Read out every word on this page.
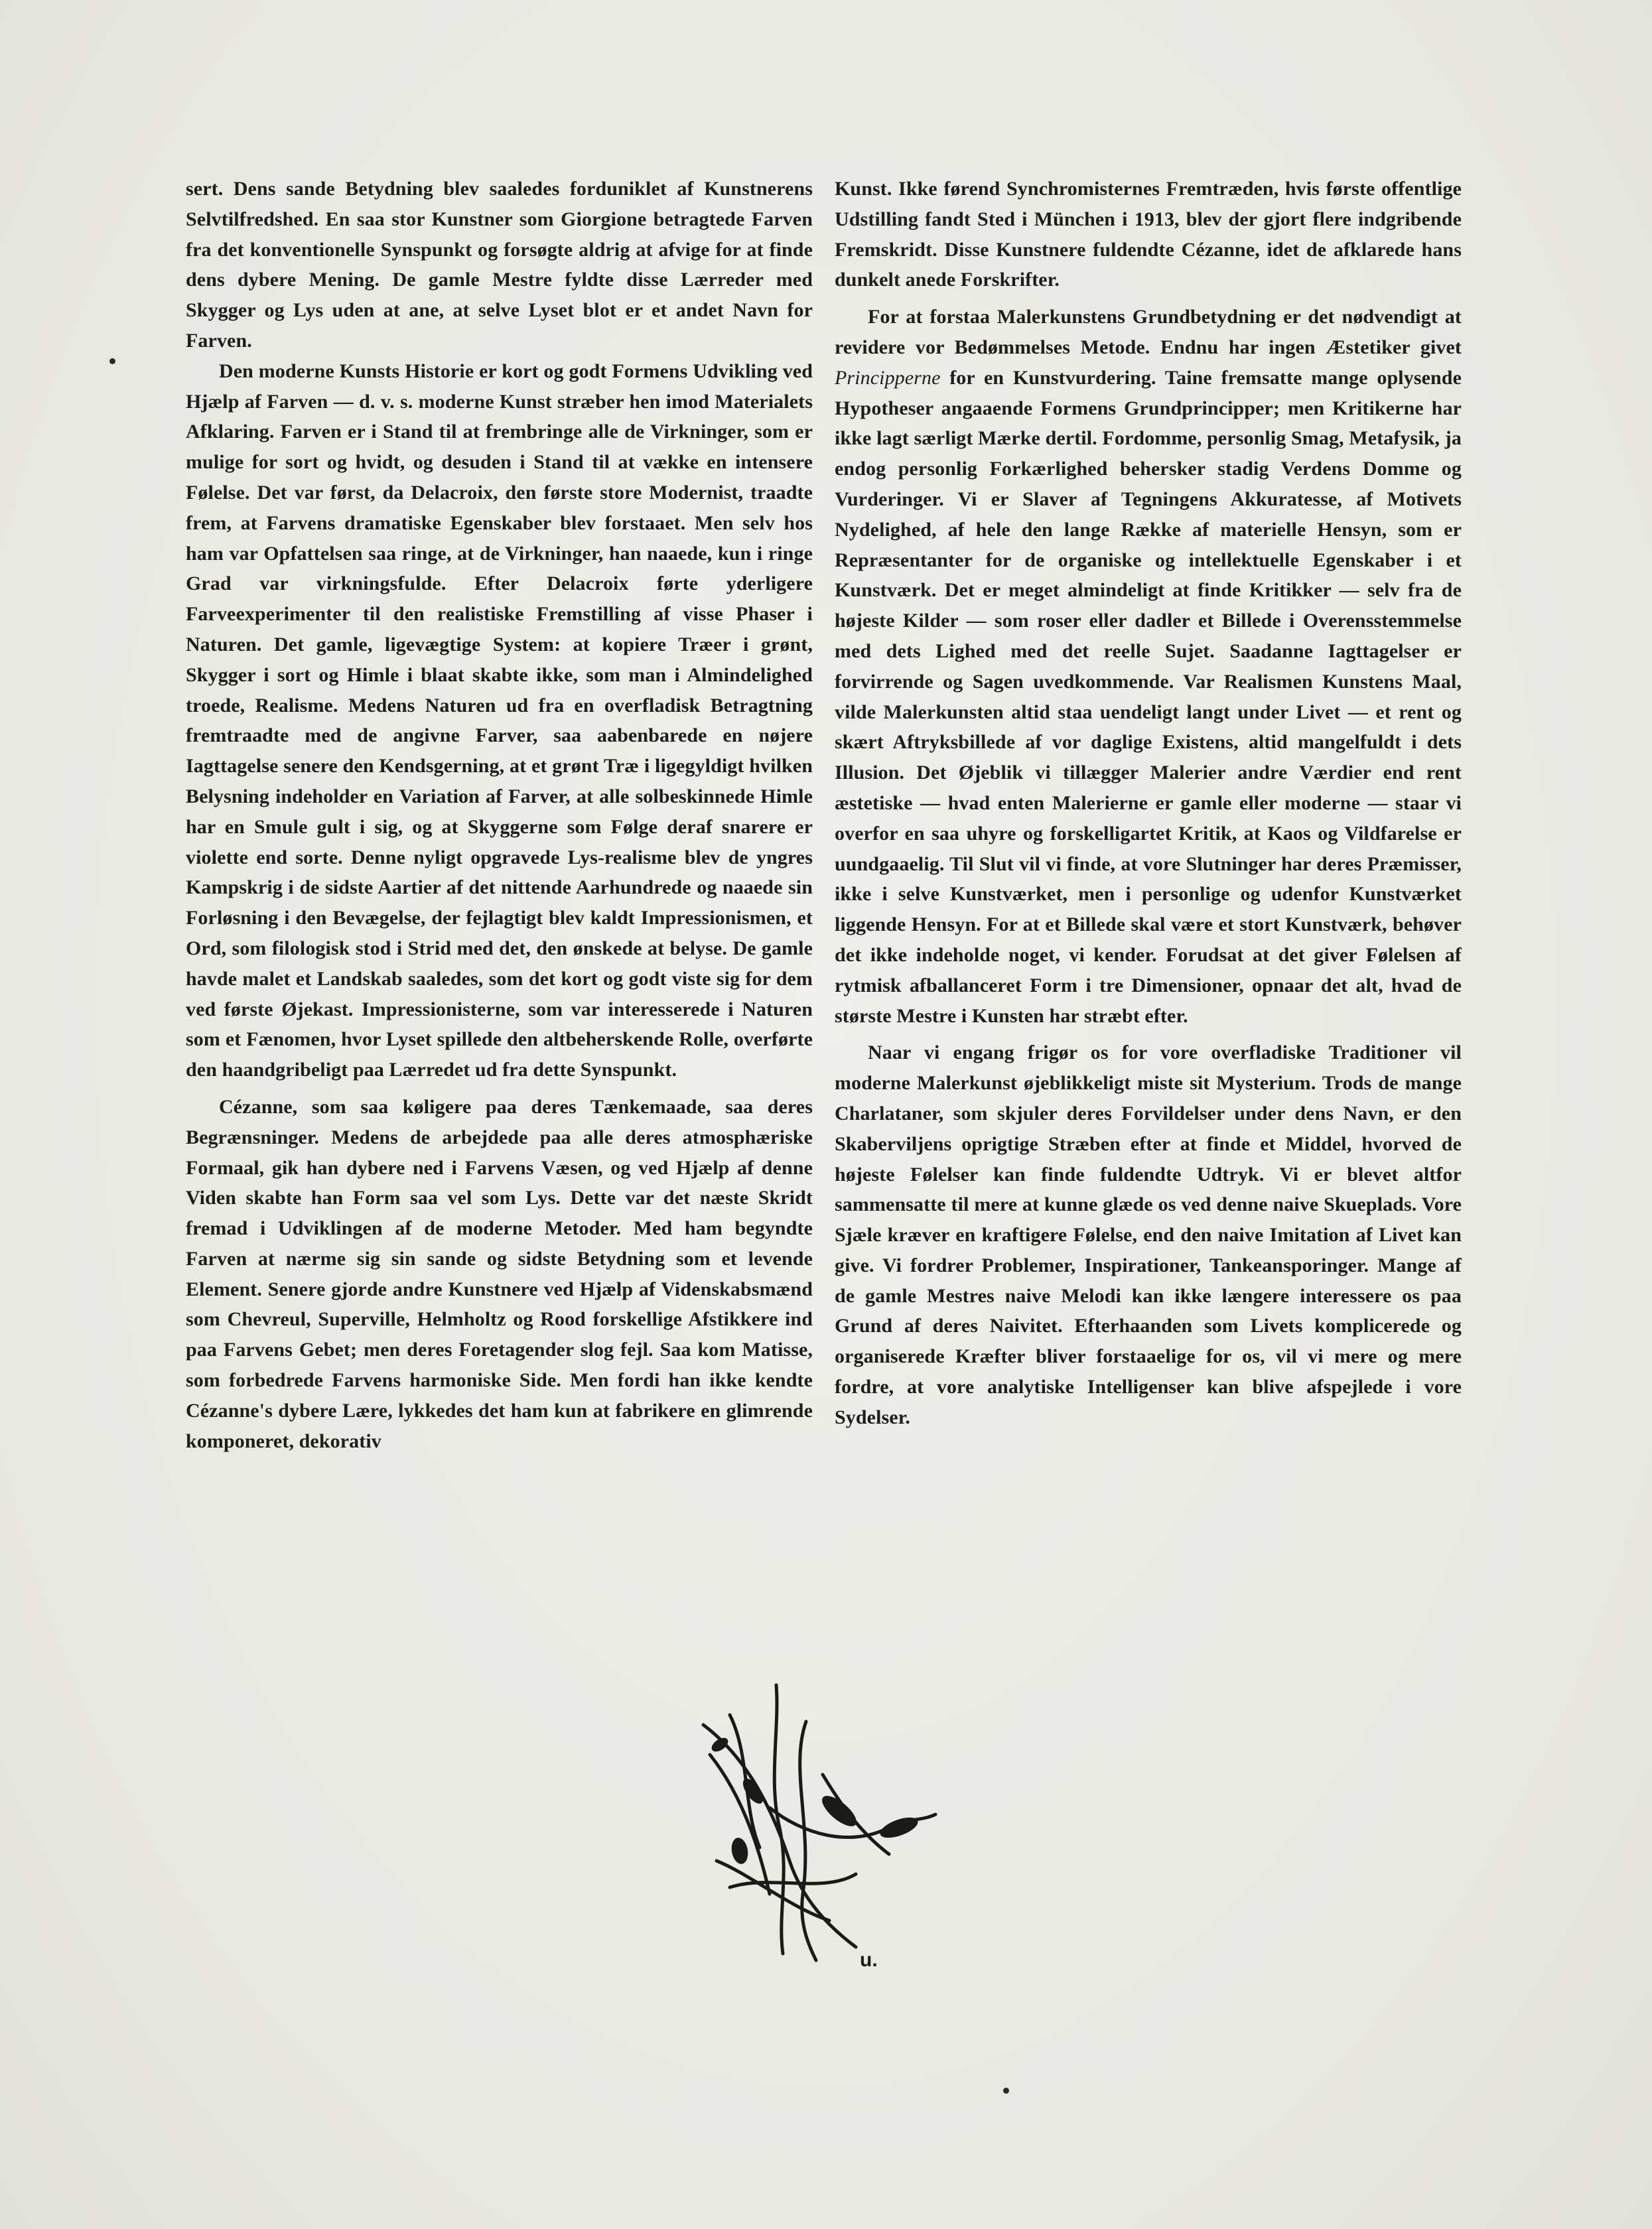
sert. Dens sande Betydning blev saaledes forduniklet af Kunstnerens Selvtilfredshed. En saa stor Kunstner som Giorgione betragtede Farven fra det konventionelle Synspunkt og forsøgte aldrig at afvige for at finde dens dybere Mening. De gamle Mestre fyldte disse Lærreder med Skygger og Lys uden at ane, at selve Lyset blot er et andet Navn for Farven.

Den moderne Kunsts Historie er kort og godt Formens Udvikling ved Hjælp af Farven — d. v. s. moderne Kunst stræber hen imod Materialets Afklaring. Farven er i Stand til at frembringe alle de Virkninger, som er mulige for sort og hvidt, og desuden i Stand til at vække en intensere Følelse. Det var først, da Delacroix, den første store Modernist, traadte frem, at Farvens dramatiske Egenskaber blev forstaaet. Men selv hos ham var Opfattelsen saa ringe, at de Virkninger, han naaede, kun i ringe Grad var virkningsfulde. Efter Delacroix førte yderligere Farveexperimenter til den realistiske Fremstilling af visse Phaser i Naturen. Det gamle, ligevægtige System: at kopiere Træer i grønt, Skygger i sort og Himle i blaat skabte ikke, som man i Almindelighed troede, Realisme. Medens Naturen ud fra en overfladisk Betragtning fremtraadte med de angivne Farver, saa aabenbarede en nøjere Iagttagelse senere den Kendsgerning, at et grønt Træ i ligegyldigt hvilken Belysning indeholder en Variation af Farver, at alle solbeskinnede Himle har en Smule gult i sig, og at Skyggerne som Følge deraf snarere er violette end sorte. Denne nyligt opgravede Lys-realisme blev de yngres Kampskrig i de sidste Aartier af det nittende Aarhundrede og naaede sin Forløsning i den Bevægelse, der fejlagtigt blev kaldt Impressionismen, et Ord, som filologisk stod i Strid med det, den ønskede at belyse. De gamle havde malet et Landskab saaledes, som det kort og godt viste sig for dem ved første Øjekast. Impressionisterne, som var interesserede i Naturen som et Fænomen, hvor Lyset spillede den altbeherskende Rolle, overførte den haandgribeligt paa Lærredet ud fra dette Synspunkt.

Cézanne, som saa køligere paa deres Tænkemaade, saa deres Begrænsninger. Medens de arbejdede paa alle deres atmosphæriske Formaal, gik han dybere ned i Farvens Væsen, og ved Hjælp af denne Viden skabte han Form saa vel som Lys. Dette var det næste Skridt fremad i Udviklingen af de moderne Metoder. Med ham begyndte Farven at nærme sig sin sande og sidste Betydning som et levende Element. Senere gjorde andre Kunstnere ved Hjælp af Videnskabsmænd som Chevreul, Superville, Helmholtz og Rood forskellige Afstikkere ind paa Farvens Gebet; men deres Foretagender slog fejl. Saa kom Matisse, som forbedrede Farvens harmoniske Side. Men fordi han ikke kendte Cézanne's dybere Lære, lykkedes det ham kun at fabrikere en glimrende komponeret, dekorativ

Kunst. Ikke førend Synchromisternes Fremtræden, hvis første offentlige Udstilling fandt Sted i München i 1913, blev der gjort flere indgribende Fremskridt. Disse Kunstnere fuldendte Cézanne, idet de afklarede hans dunkelt anede Forskrifter.

For at forstaa Malerkunstens Grundbetydning er det nødvendigt at revidere vor Bedømmelses Metode. Endnu har ingen Æstetiker givet Principperne for en Kunstvurdering. Taine fremsatte mange oplysende Hypotheser angaaende Formens Grundprincipper; men Kritikerne har ikke lagt særligt Mærke dertil. Fordomme, personlig Smag, Metafysik, ja endog personlig Forkærlighed behersker stadig Verdens Domme og Vurderinger. Vi er Slaver af Tegningens Akkuratesse, af Motivets Nydelighed, af hele den lange Række af materielle Hensyn, som er Repræsentanter for de organiske og intellektuelle Egenskaber i et Kunstværk. Det er meget almindeligt at finde Kritikker — selv fra de højeste Kilder — som roser eller dadler et Billede i Overensstemmelse med dets Lighed med det reelle Sujet. Saadanne Iagttagelser er forvirrende og Sagen uvedkommende. Var Realismen Kunstens Maal, vilde Malerkunsten altid staa uendeligt langt under Livet — et rent og skært Aftryksbillede af vor daglige Existens, altid mangelfuldt i dets Illusion. Det Øjeblik vi tillægger Malerier andre Værdier end rent æstetiske — hvad enten Malerierne er gamle eller moderne — staar vi overfor en saa uhyre og forskelligartet Kritik, at Kaos og Vildfarelse er uundgaaelig. Til Slut vil vi finde, at vore Slutninger har deres Præmisser, ikke i selve Kunstværket, men i personlige og udenfor Kunstværket liggende Hensyn. For at et Billede skal være et stort Kunstværk, behøver det ikke indeholde noget, vi kender. Forudsat at det giver Følelsen af rytmisk afballanceret Form i tre Dimensioner, opnaar det alt, hvad de største Mestre i Kunsten har stræbt efter.

Naar vi engang frigør os for vore overfladiske Traditioner vil moderne Malerkunst øjeblikkeligt miste sit Mysterium. Trods de mange Charlataner, som skjuler deres Forvildelser under dens Navn, er den Skaberviljens oprigtige Stræben efter at finde et Middel, hvorved de højeste Følelser kan finde fuldendte Udtryk. Vi er blevet altfor sammensatte til mere at kunne glæde os ved denne naive Skueplads. Vore Sjæle kræver en kraftigere Følelse, end den naive Imitation af Livet kan give. Vi fordrer Problemer, Inspirationer, Tankeansporinger. Mange af de gamle Mestres naive Melodi kan ikke længere interessere os paa Grund af deres Naivitet. Efterhaanden som Livets komplicerede og organiserede Kræfter bliver forstaaelige for os, vil vi mere og mere fordre, at vore analytiske Intelligenser kan blive afspejlede i vore Sydelser.

u.
